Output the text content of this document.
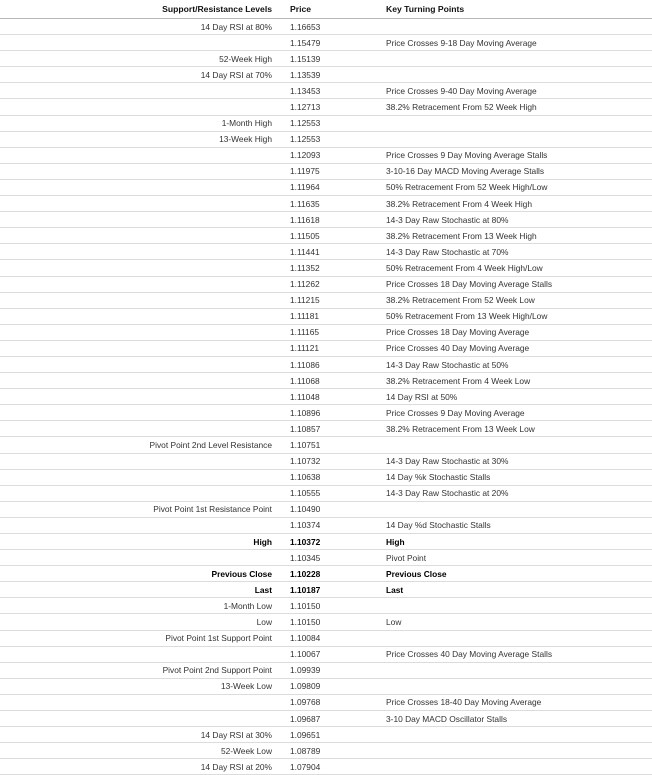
Support/Resistance Levels	Price	Key Turning Points
14 Day RSI at 80%	1.16653	
	1.15479	Price Crosses 9-18 Day Moving Average
52-Week High	1.15139	
14 Day RSI at 70%	1.13539	
	1.13453	Price Crosses 9-40 Day Moving Average
	1.12713	38.2% Retracement From 52 Week High
1-Month High	1.12553	
13-Week High	1.12553	
	1.12093	Price Crosses 9 Day Moving Average Stalls
	1.11975	3-10-16 Day MACD Moving Average Stalls
	1.11964	50% Retracement From 52 Week High/Low
	1.11635	38.2% Retracement From 4 Week High
	1.11618	14-3 Day Raw Stochastic at 80%
	1.11505	38.2% Retracement From 13 Week High
	1.11441	14-3 Day Raw Stochastic at 70%
	1.11352	50% Retracement From 4 Week High/Low
	1.11262	Price Crosses 18 Day Moving Average Stalls
	1.11215	38.2% Retracement From 52 Week Low
	1.11181	50% Retracement From 13 Week High/Low
	1.11165	Price Crosses 18 Day Moving Average
	1.11121	Price Crosses 40 Day Moving Average
	1.11086	14-3 Day Raw Stochastic at 50%
	1.11068	38.2% Retracement From 4 Week Low
	1.11048	14 Day RSI at 50%
	1.10896	Price Crosses 9 Day Moving Average
	1.10857	38.2% Retracement From 13 Week Low
Pivot Point 2nd Level Resistance	1.10751	
	1.10732	14-3 Day Raw Stochastic at 30%
	1.10638	14 Day %k Stochastic Stalls
	1.10555	14-3 Day Raw Stochastic at 20%
Pivot Point 1st Resistance Point	1.10490	
	1.10374	14 Day %d Stochastic Stalls
High	1.10372	High
	1.10345	Pivot Point
Previous Close	1.10228	Previous Close
Last	1.10187	Last
1-Month Low	1.10150	
Low	1.10150	Low
Pivot Point 1st Support Point	1.10084	
	1.10067	Price Crosses 40 Day Moving Average Stalls
Pivot Point 2nd Support Point	1.09939	
13-Week Low	1.09809	
	1.09768	Price Crosses 18-40 Day Moving Average
	1.09687	3-10 Day MACD Oscillator Stalls
14 Day RSI at 30%	1.09651	
52-Week Low	1.08789	
14 Day RSI at 20%	1.07904	
